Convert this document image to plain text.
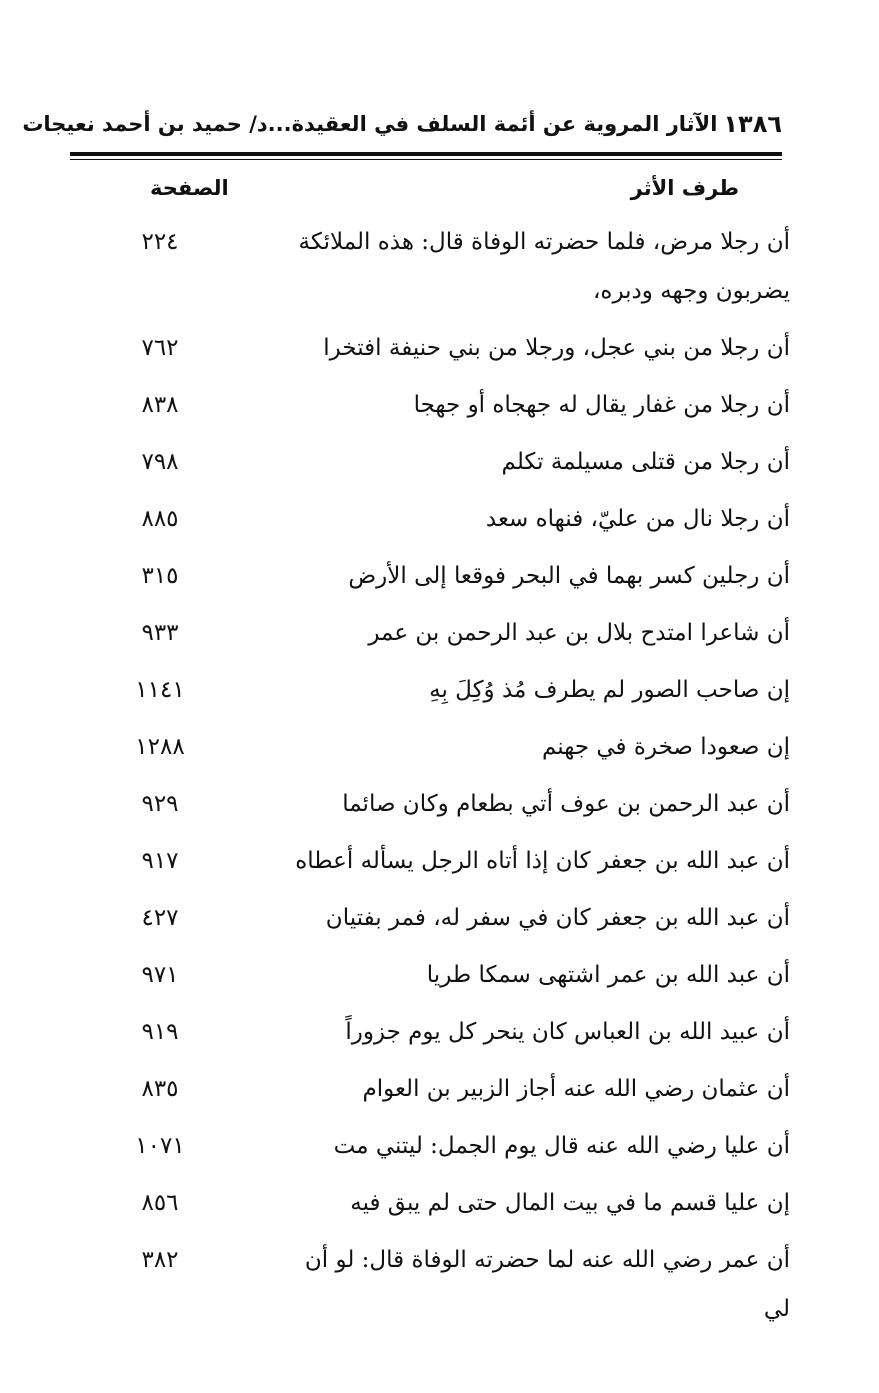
١٣٨٦
الآثار المروية عن أئمة السلف في العقيدة...د/ حميد بن أحمد نعيجات
طرف الأثر
الصفحة
أن رجلا مرض، فلما حضرته الوفاة قال: هذه الملائكة يضربون وجهه ودبره،
٢٢٤
أن رجلا من بني عجل، ورجلا من بني حنيفة افتخرا
٧٦٢
أن رجلا من غفار يقال له جهجاه أو جهجا
٨٣٨
أن رجلا من قتلى مسيلمة تكلم
٧٩٨
أن رجلا نال من عليّ، فنهاه سعد
٨٨٥
أن رجلين كسر بهما في البحر فوقعا إلى الأرض
٣١٥
أن شاعرا امتدح بلال بن عبد الرحمن بن عمر
٩٣٣
إن صاحب الصور لم يطرف مُذ وُكِلَ بِهِ
١١٤١
إن صعودا صخرة في جهنم
١٢٨٨
أن عبد الرحمن بن عوف أتي بطعام وكان صائما
٩٢٩
أن عبد الله بن جعفر كان إذا أتاه الرجل يسأله أعطاه
٩١٧
أن عبد الله بن جعفر كان في سفر له، فمر بفتيان
٤٢٧
أن عبد الله بن عمر اشتهى سمكا طريا
٩٧١
أن عبيد الله بن العباس كان ينحر كل يوم جزوراً
٩١٩
أن عثمان رضي الله عنه أجاز الزبير بن العوام
٨٣٥
أن عليا رضي الله عنه قال يوم الجمل: ليتني مت
١٠٧١
إن عليا قسم ما في بيت المال حتى لم يبق فيه
٨٥٦
أن عمر رضي الله عنه لما حضرته الوفاة قال: لو أن لي
٣٨٢
